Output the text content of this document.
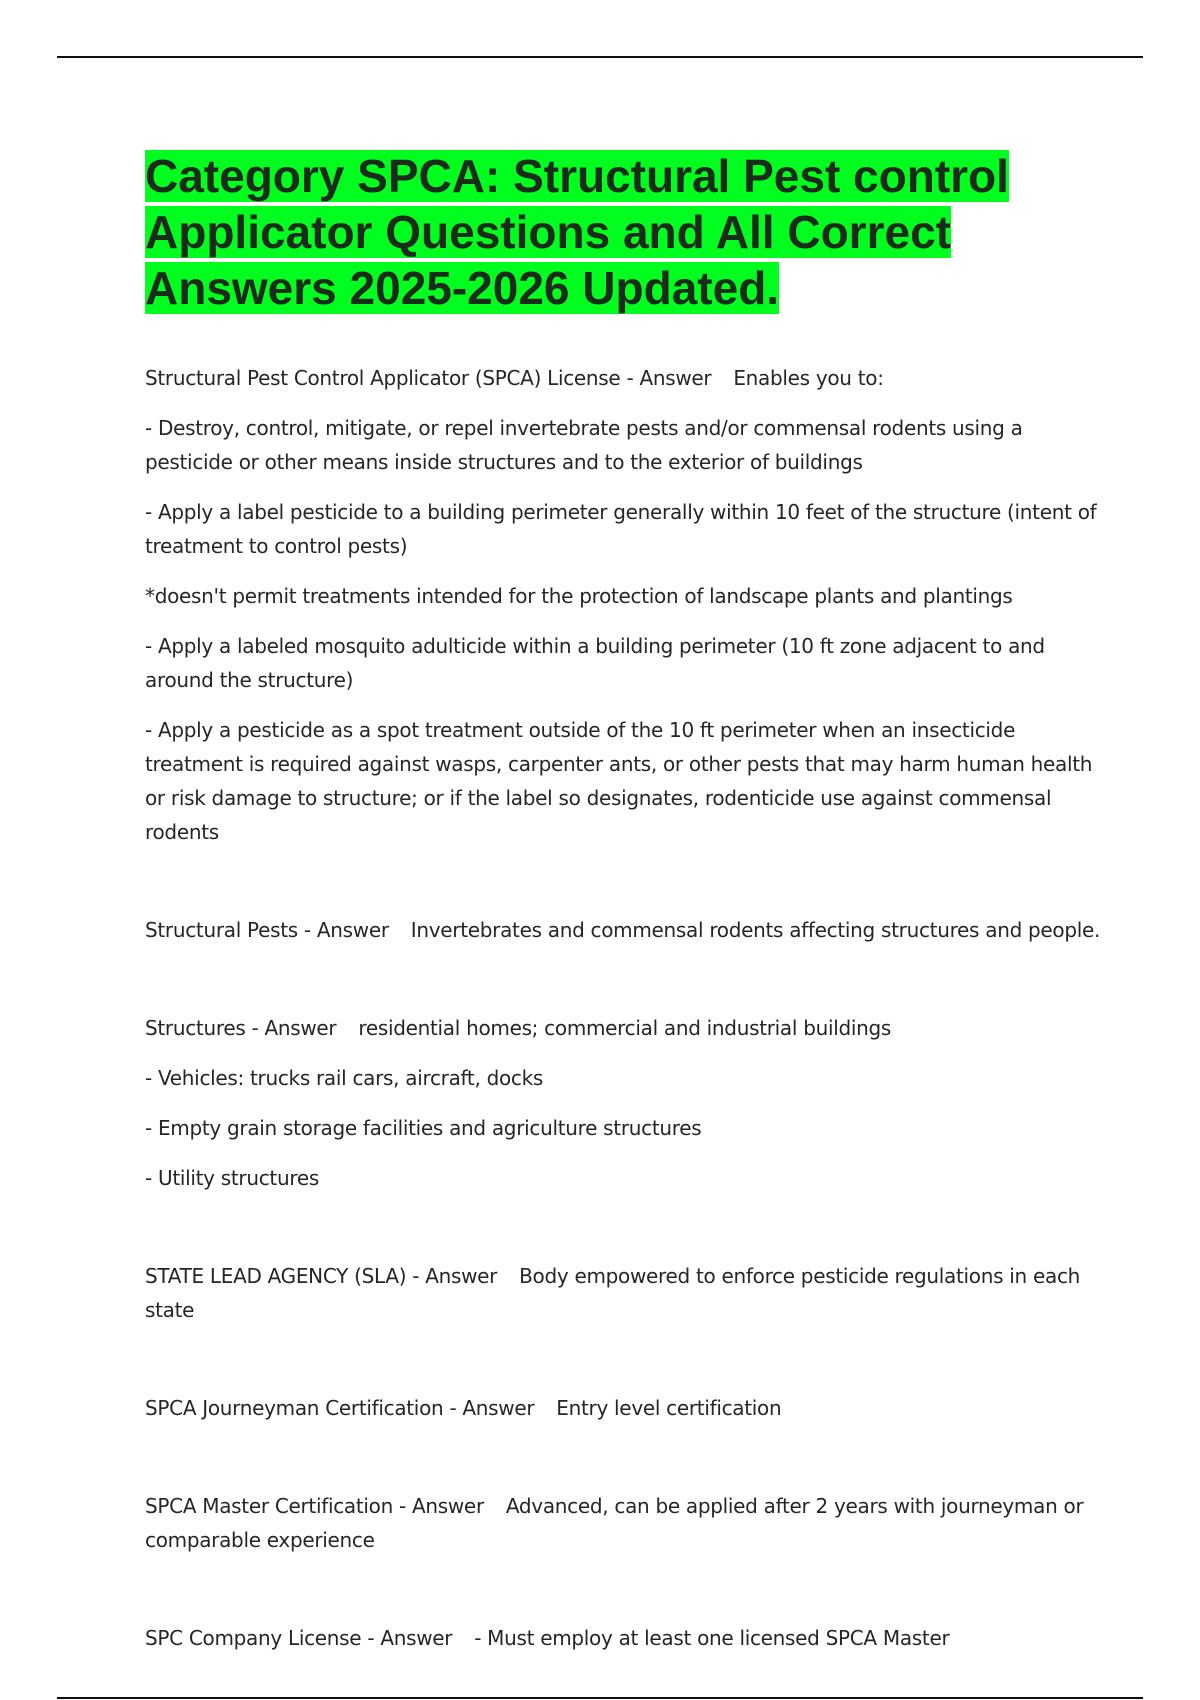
Category SPCA: Structural Pest control Applicator Questions and All Correct Answers 2025-2026 Updated.

Structural Pest Control Applicator (SPCA) License - Answer Enables you to:

- Destroy, control, mitigate, or repel invertebrate pests and/or commensal rodents using a pesticide or other means inside structures and to the exterior of buildings

- Apply a label pesticide to a building perimeter generally within 10 feet of the structure (intent of treatment to control pests)

*doesn't permit treatments intended for the protection of landscape plants and plantings

- Apply a labeled mosquito adulticide within a building perimeter (10 ft zone adjacent to and around the structure)

- Apply a pesticide as a spot treatment outside of the 10 ft perimeter when an insecticide treatment is required against wasps, carpenter ants, or other pests that may harm human health or risk damage to structure; or if the label so designates, rodenticide use against commensal rodents

Structural Pests - Answer Invertebrates and commensal rodents affecting structures and people.

Structures - Answer residential homes; commercial and industrial buildings

- Vehicles: trucks rail cars, aircraft, docks

- Empty grain storage facilities and agriculture structures

- Utility structures

STATE LEAD AGENCY (SLA) - Answer Body empowered to enforce pesticide regulations in each state

SPCA Journeyman Certification - Answer Entry level certification

SPCA Master Certification - Answer Advanced, can be applied after 2 years with journeyman or comparable experience

SPC Company License - Answer - Must employ at least one licensed SPCA Master
